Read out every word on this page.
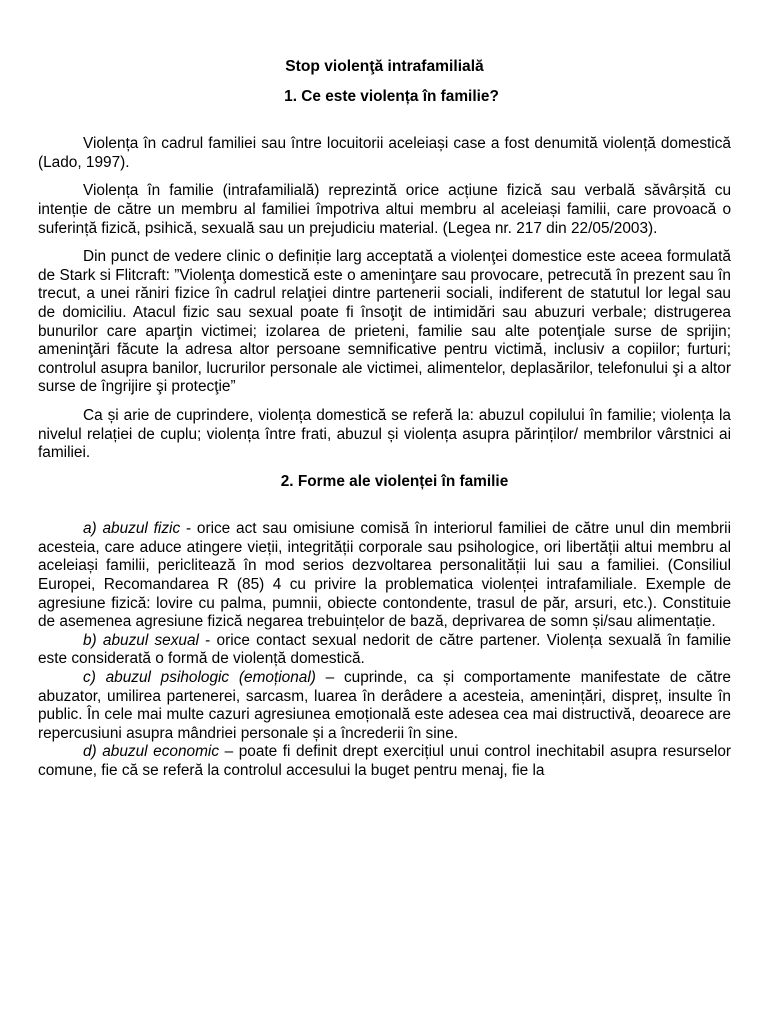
Stop violenţă intrafamilială
1. Ce este violența în familie?

Violența în cadrul familiei sau între locuitorii aceleiași case a fost denumită violență domestică (Lado, 1997).

Violența în familie (intrafamilială) reprezintă orice acțiune fizică sau verbală săvârșită cu intenție de către un membru al familiei împotriva altui membru al aceleiași familii, care provoacă o suferință fizică, psihică, sexuală sau un prejudiciu material. (Legea nr. 217 din 22/05/2003).

Din punct de vedere clinic o definiție larg acceptată a violenţei domestice este aceea formulată de Stark si Flitcraft: ”Violenţa domestică este o ameninţare sau provocare, petrecută în prezent sau în trecut, a unei răniri fizice în cadrul relaţiei dintre partenerii sociali, indiferent de statutul lor legal sau de domiciliu. Atacul fizic sau sexual poate fi însoţit de intimidări sau abuzuri verbale; distrugerea bunurilor care aparţin victimei; izolarea de prieteni, familie sau alte potenţiale surse de sprijin; ameninţări făcute la adresa altor persoane semnificative pentru victimă, inclusiv a copiilor; furturi; controlul asupra banilor, lucrurilor personale ale victimei, alimentelor, deplasărilor, telefonului şi a altor surse de îngrijire şi protecţie”

Ca și arie de cuprindere, violența domestică se referă la: abuzul copilului în familie; violența la nivelul relației de cuplu; violența între frati, abuzul și violența asupra părinților/ membrilor vârstnici ai familiei.

2. Forme ale violenței în familie

a) abuzul fizic - orice act sau omisiune comisă în interiorul familiei de către unul din membrii acesteia, care aduce atingere vieții, integrității corporale sau psihologice, ori libertății altui membru al aceleiași familii, periclitează în mod serios dezvoltarea personalității lui sau a familiei. (Consiliul Europei, Recomandarea R (85) 4 cu privire la problematica violenței intrafamiliale. Exemple de agresiune fizică: lovire cu palma, pumnii, obiecte contondente, trasul de păr, arsuri, etc.). Constituie de asemenea agresiune fizică negarea trebuințelor de bază, deprivarea de somn și/sau alimentație.

b) abuzul sexual - orice contact sexual nedorit de către partener. Violența sexuală în familie este considerată o formă de violență domestică.

c) abuzul psihologic (emoțional) – cuprinde, ca și comportamente manifestate de către abuzator, umilirea partenerei, sarcasm, luarea în derâdere a acesteia, amenințări, dispreț, insulte în public. În cele mai multe cazuri agresiunea emoțională este adesea cea mai distructivă, deoarece are repercusiuni asupra mândriei personale și a încrederii în sine.

d) abuzul economic – poate fi definit drept exercițiul unui control inechitabil asupra resurselor comune, fie că se referă la controlul accesului la buget pentru menaj, fie la
